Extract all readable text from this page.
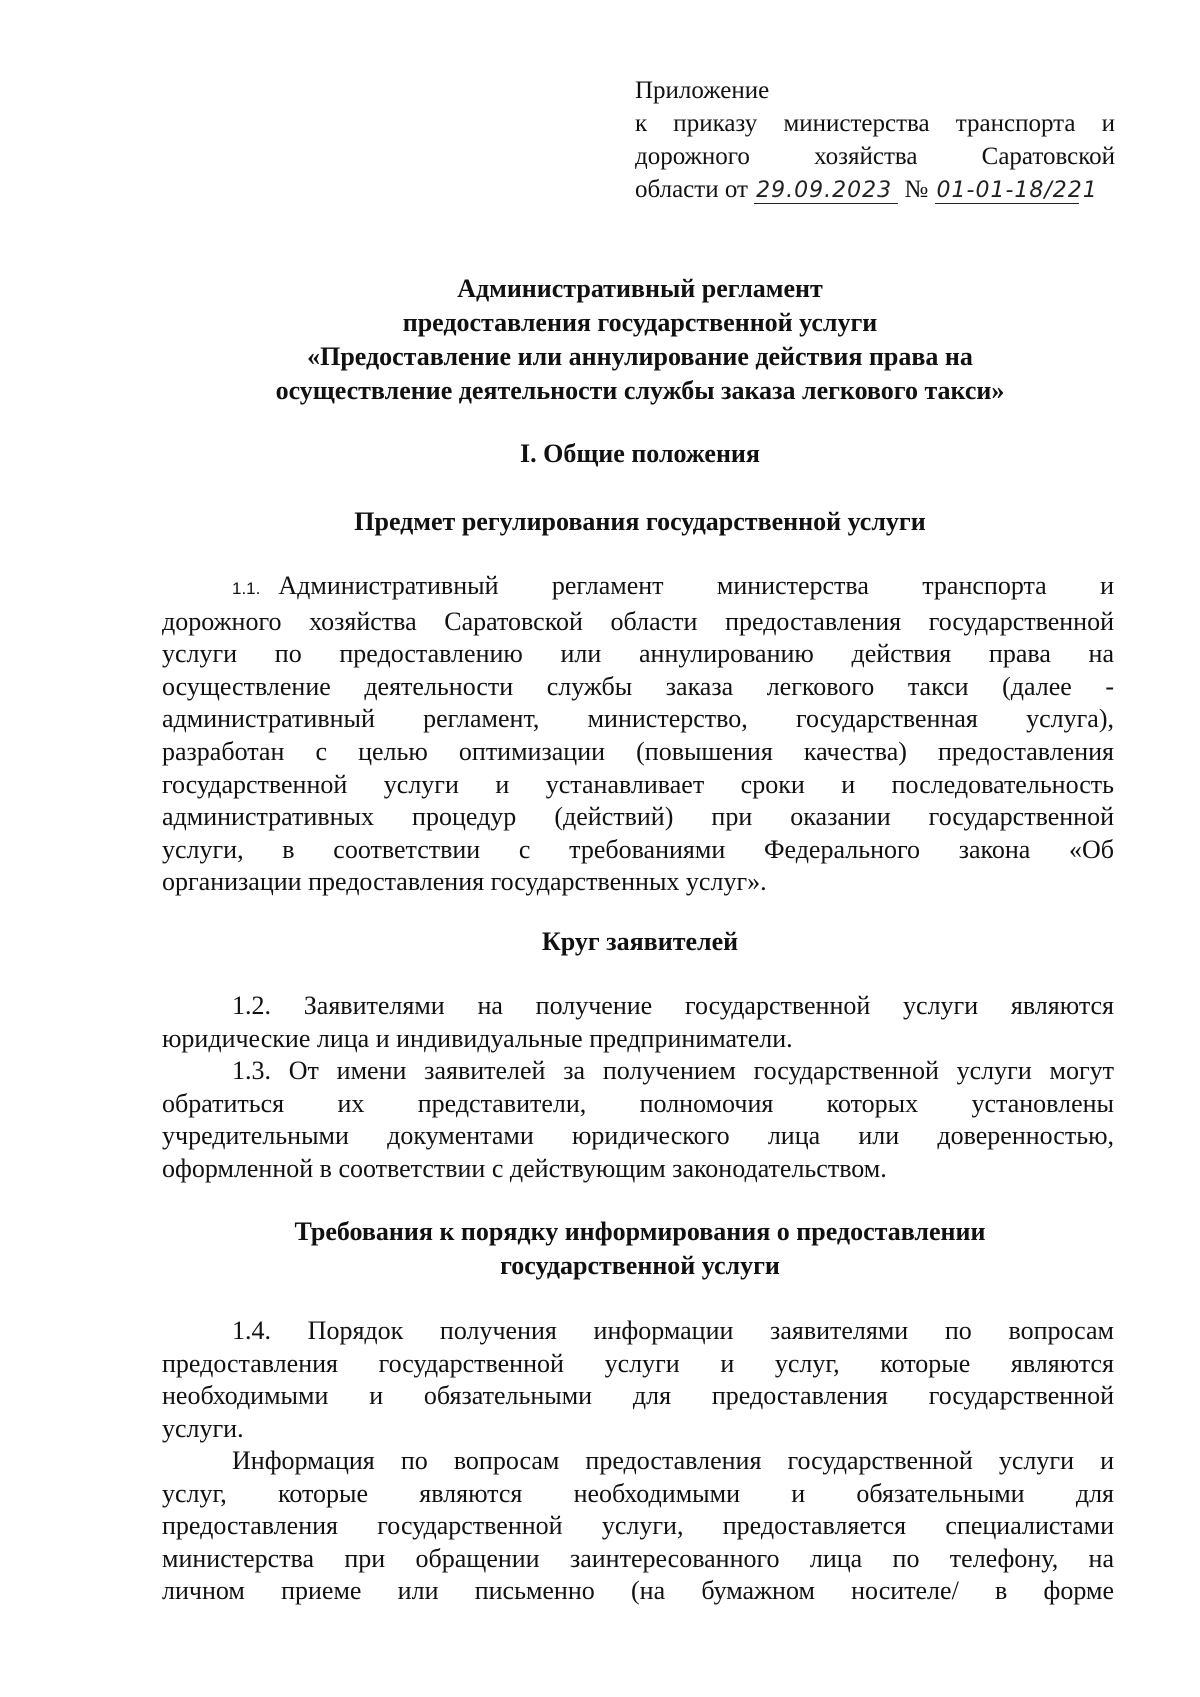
Приложение
к приказу министерства транспорта и
дорожного хозяйства Саратовской
области от 29.09.2023 № 01-01-18/221
Административный регламент
предоставления государственной услуги
«Предоставление или аннулирование действия права на
осуществление деятельности службы заказа легкового такси»
I. Общие положения
Предмет регулирования государственной услуги
1.1. Административный регламент министерства транспорта и
дорожного хозяйства Саратовской области предоставления государственной
услуги по предоставлению или аннулированию действия права на
осуществление деятельности службы заказа легкового такси (далее -
административный регламент, министерство, государственная услуга),
разработан с целью оптимизации (повышения качества) предоставления
государственной услуги и устанавливает сроки и последовательность
административных процедур (действий) при оказании государственной
услуги, в соответствии с требованиями Федерального закона «Об
организации предоставления государственных услуг».
Круг заявителей
1.2. Заявителями на получение государственной услуги являются
юридические лица и индивидуальные предприниматели.
1.3. От имени заявителей за получением государственной услуги могут
обратиться их представители, полномочия которых установлены
учредительными документами юридического лица или доверенностью,
оформленной в соответствии с действующим законодательством.
Требования к порядку информирования о предоставлении
государственной услуги
1.4. Порядок получения информации заявителями по вопросам
предоставления государственной услуги и услуг, которые являются
необходимыми и обязательными для предоставления государственной
услуги.
Информация по вопросам предоставления государственной услуги и
услуг, которые являются необходимыми и обязательными для
предоставления государственной услуги, предоставляется специалистами
министерства при обращении заинтересованного лица по телефону, на
личном приеме или письменно (на бумажном носителе/ в форме
